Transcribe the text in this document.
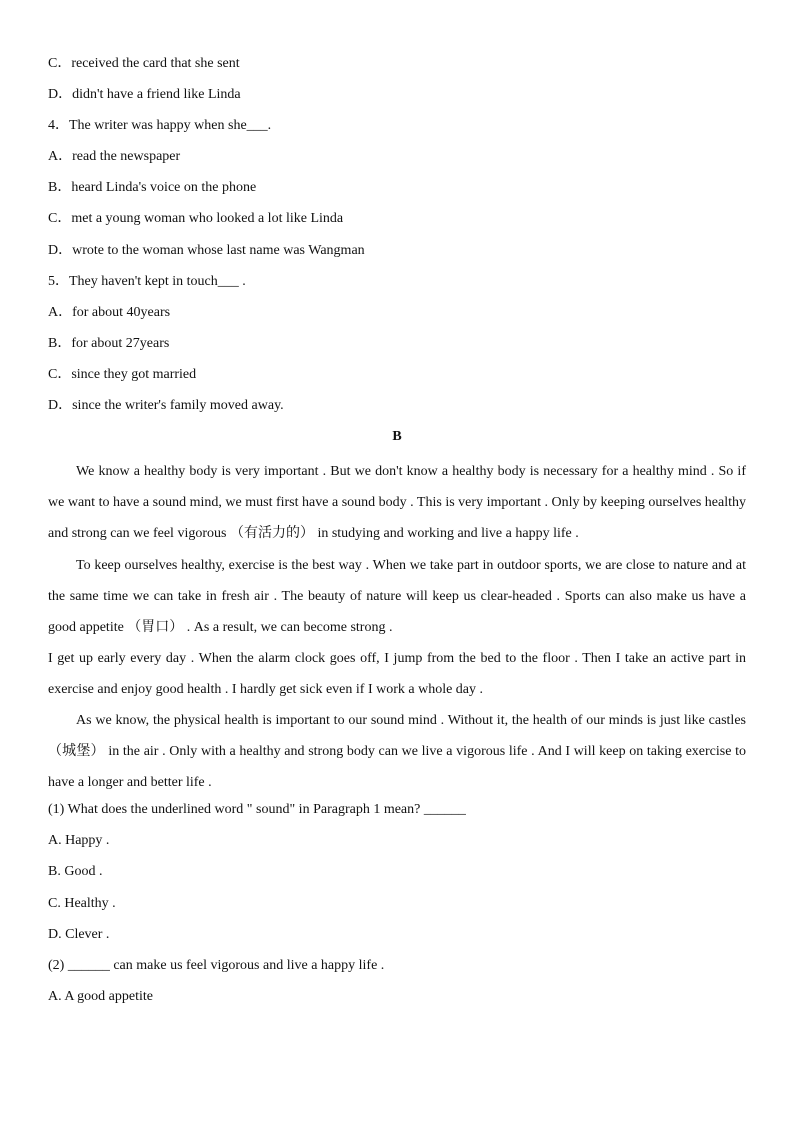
C．received the card that she sent
D．didn't have a friend like Linda
4．The writer was happy when she___.
A．read the newspaper
B．heard Linda's voice on the phone
C．met a young woman who looked a lot like Linda
D．wrote to the woman whose last name was Wangman
5．They haven't kept in touch___ .
A．for about 40years
B．for about 27years
C．since they got married
D．since the writer's family moved away.
B

We know a healthy body is very important . But we don't know a healthy body is necessary for a healthy mind . So if we want to have a sound mind, we must first have a sound body . This is very important . Only by keeping ourselves healthy and strong can we feel vigorous （有活力的） in studying and working and live a happy life .

To keep ourselves healthy, exercise is the best way . When we take part in outdoor sports, we are close to nature and at the same time we can take in fresh air . The beauty of nature will keep us clear-headed . Sports can also make us have a good appetite （胃口） . As a result, we can become strong .

I get up early every day . When the alarm clock goes off, I jump from the bed to the floor . Then I take an active part in exercise and enjoy good health . I hardly get sick even if I work a whole day .

As we know, the physical health is important to our sound mind . Without it, the health of our minds is just like castles （城堡） in the air . Only with a healthy and strong body can we live a vigorous life . And I will keep on taking exercise to have a longer and better life .

(1) What does the underlined word " sound" in Paragraph 1 mean? ______
A. Happy .
B. Good .
C. Healthy .
D. Clever .
(2) ______ can make us feel vigorous and live a happy life .
A. A good appetite
